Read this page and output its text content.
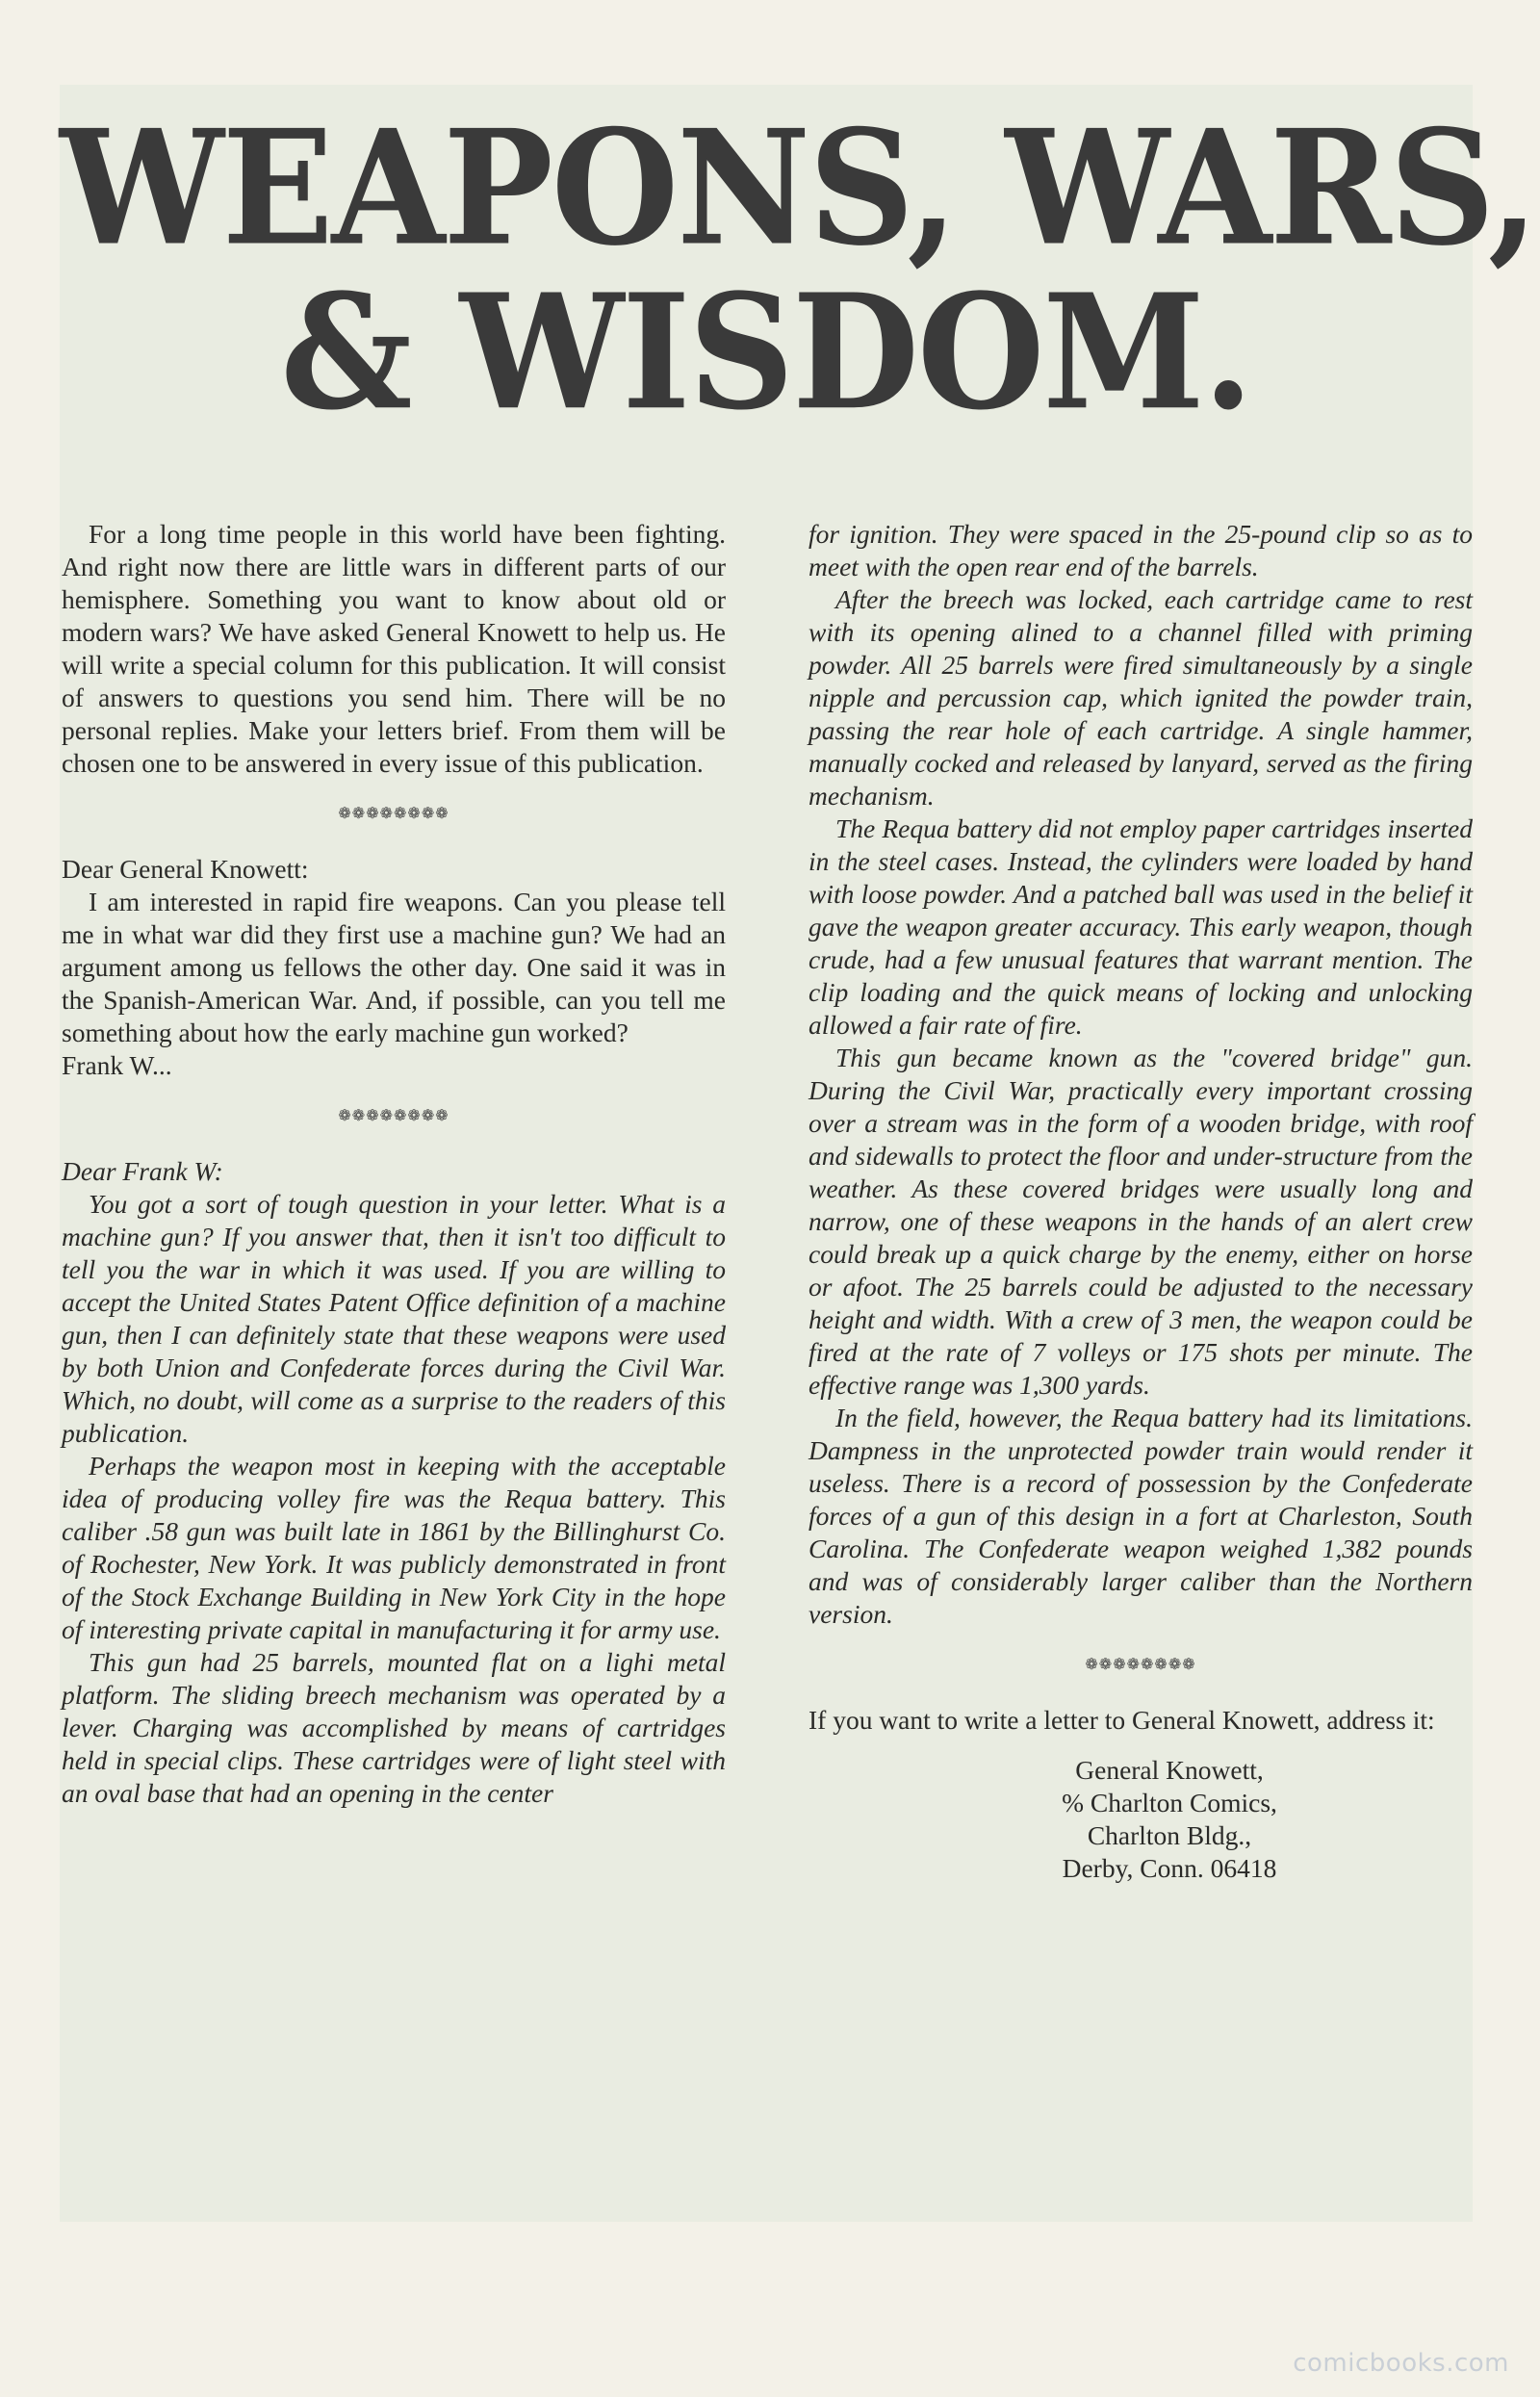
WEAPONS, WARS,
& WISDOM.

For a long time people in this world have been fighting. And right now there are little wars in different parts of our hemisphere. Something you want to know about old or modern wars? We have asked General Knowett to help us. He will write a special column for this publication. It will consist of answers to questions you send him. There will be no personal replies. Make your letters brief. From them will be chosen one to be answered in every issue of this publication.

❁❁❁❁❁❁❁❁

Dear General Knowett:

I am interested in rapid fire weapons. Can you please tell me in what war did they first use a machine gun? We had an argument among us fellows the other day. One said it was in the Spanish-American War. And, if possible, can you tell me something about how the early machine gun worked?

Frank W...

❁❁❁❁❁❁❁❁

Dear Frank W:

You got a sort of tough question in your letter. What is a machine gun? If you answer that, then it isn't too difficult to tell you the war in which it was used. If you are willing to accept the United States Patent Office definition of a machine gun, then I can definitely state that these weapons were used by both Union and Confederate forces during the Civil War. Which, no doubt, will come as a surprise to the readers of this publication.

Perhaps the weapon most in keeping with the acceptable idea of producing volley fire was the Requa battery. This caliber .58 gun was built late in 1861 by the Billinghurst Co. of Rochester, New York. It was publicly demonstrated in front of the Stock Exchange Building in New York City in the hope of interesting private capital in manufacturing it for army use.

This gun had 25 barrels, mounted flat on a lighi metal platform. The sliding breech mechanism was operated by a lever. Charging was accomplished by means of cartridges held in special clips. These cartridges were of light steel with an oval base that had an opening in the center

for ignition. They were spaced in the 25-pound clip so as to meet with the open rear end of the barrels.

After the breech was locked, each cartridge came to rest with its opening alined to a channel filled with priming powder. All 25 barrels were fired simultaneously by a single nipple and percussion cap, which ignited the powder train, passing the rear hole of each cartridge. A single hammer, manually cocked and released by lanyard, served as the firing mechanism.

The Requa battery did not employ paper cartridges inserted in the steel cases. Instead, the cylinders were loaded by hand with loose powder. And a patched ball was used in the belief it gave the weapon greater accuracy. This early weapon, though crude, had a few unusual features that warrant mention. The clip loading and the quick means of locking and unlocking allowed a fair rate of fire.

This gun became known as the "covered bridge" gun. During the Civil War, practically every important crossing over a stream was in the form of a wooden bridge, with roof and sidewalls to protect the floor and under-structure from the weather. As these covered bridges were usually long and narrow, one of these weapons in the hands of an alert crew could break up a quick charge by the enemy, either on horse or afoot. The 25 barrels could be adjusted to the necessary height and width. With a crew of 3 men, the weapon could be fired at the rate of 7 volleys or 175 shots per minute. The effective range was 1,300 yards.

In the field, however, the Requa battery had its limitations. Dampness in the unprotected powder train would render it useless. There is a record of possession by the Confederate forces of a gun of this design in a fort at Charleston, South Carolina. The Confederate weapon weighed 1,382 pounds and was of considerably larger caliber than the Northern version.

❁❁❁❁❁❁❁❁

If you want to write a letter to General Knowett, address it:

General Knowett,
% Charlton Comics,
Charlton Bldg.,
Derby, Conn. 06418
comicbooks.com
